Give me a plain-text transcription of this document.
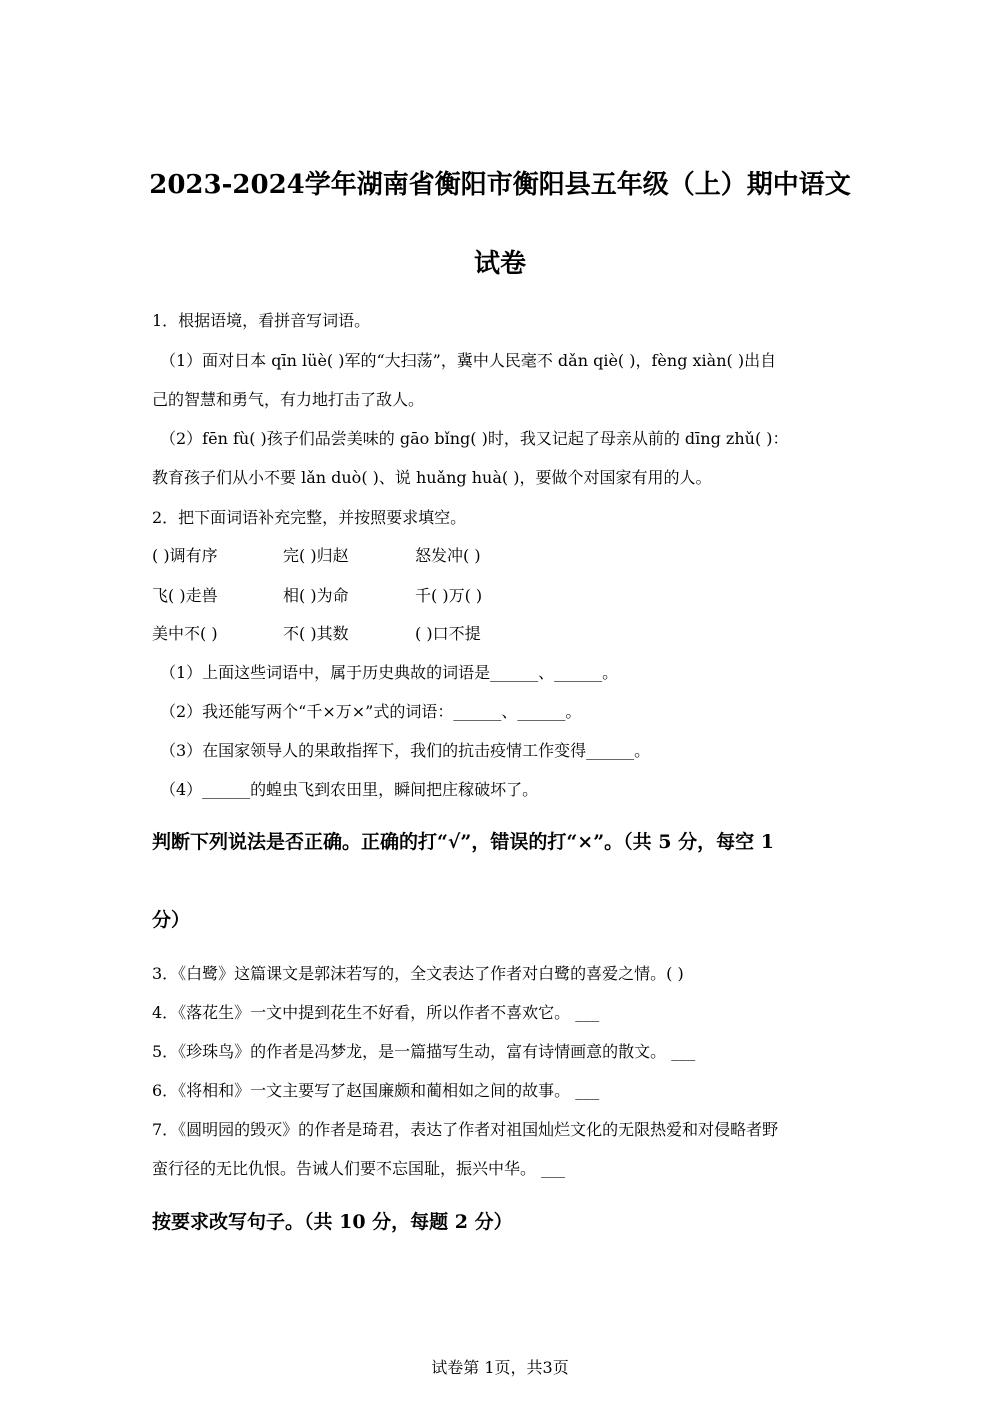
2023-2024学年湖南省衡阳市衡阳县五年级（上）期中语文
试卷
1．根据语境，看拼音写词语。
（1）面对日本 qīn lüè( )军的“大扫荡”，冀中人民毫不 dǎn qiè( )，fèng xiàn( )出自
己的智慧和勇气，有力地打击了敌人。
（2）fēn fù( )孩子们品尝美味的 gāo bǐng( )时，我又记起了母亲从前的 dīng zhǔ( )：
教育孩子们从小不要 lǎn duò( )、说 huǎng huà( )，要做个对国家有用的人。
2．把下面词语补充完整，并按照要求填空。
( )调有序	完( )归赵	怒发冲( )
飞( )走兽	相( )为命	千( )万( )
美中不( )	不( )其数	( )口不提
（1）上面这些词语中，属于历史典故的词语是______、______。
（2）我还能写两个“千×万×”式的词语：______、______。
（3）在国家领导人的果敢指挥下，我们的抗击疫情工作变得______。
（4）______的蝗虫飞到农田里，瞬间把庄稼破坏了。
判断下列说法是否正确。正确的打“√”，错误的打“×”。（共 5 分，每空 1
分）
3．《白鹭》这篇课文是郭沫若写的，全文表达了作者对白鹭的喜爱之情。( )
4．《落花生》一文中提到花生不好看，所以作者不喜欢它。 ___
5．《珍珠鸟》的作者是冯梦龙，是一篇描写生动，富有诗情画意的散文。 ___
6．《将相和》一文主要写了赵国廉颇和蔺相如之间的故事。 ___
7．《圆明园的毁灭》的作者是琦君，表达了作者对祖国灿烂文化的无限热爱和对侵略者野
蛮行径的无比仇恨。告诫人们要不忘国耻，振兴中华。 ___
按要求改写句子。（共 10 分，每题 2 分）
试卷第 1页，共3页
